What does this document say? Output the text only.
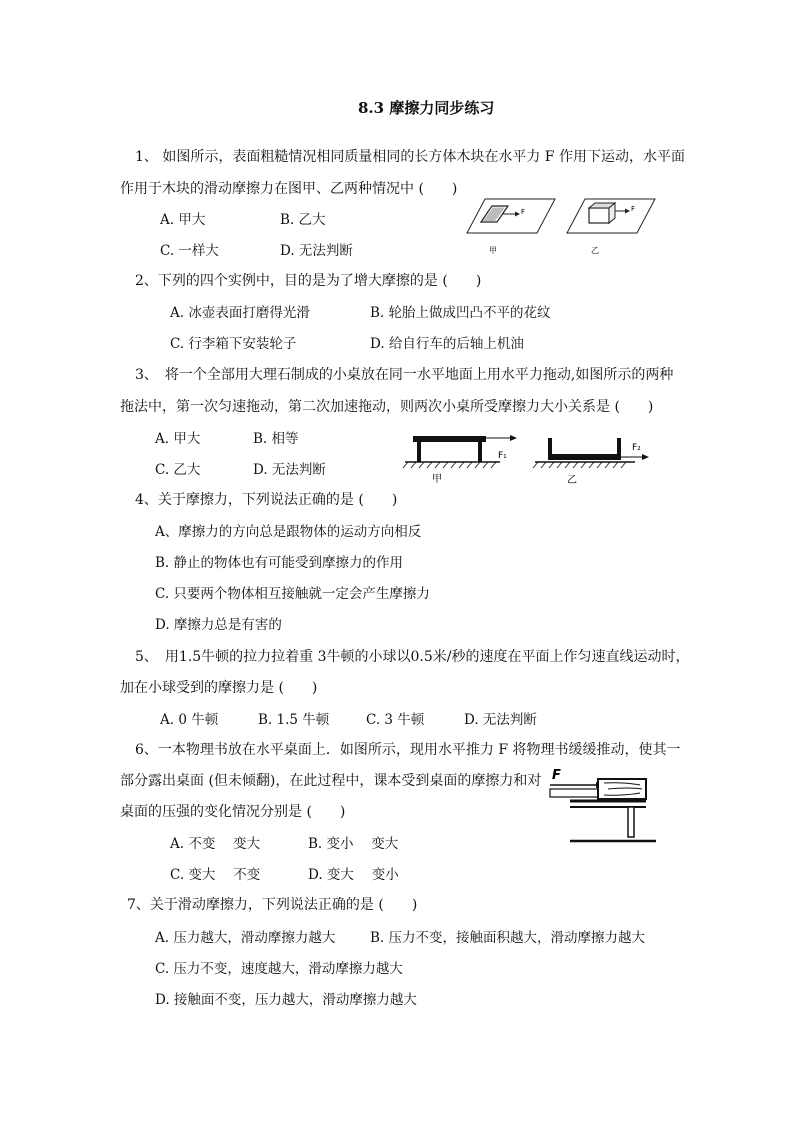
8.3 摩擦力同步练习
1、 如图所示，表面粗糙情况相同质量相同的长方体木块在水平力 F 作用下运动，水平面
作用于木块的滑动摩擦力在图甲、乙两种情况中 (　　)
A. 甲大	B. 乙大
C. 一样大	D. 无法判断
F
甲
F
乙
2、下列的四个实例中，目的是为了增大摩擦的是 (　　)
A. 冰壶表面打磨得光滑	B. 轮胎上做成凹凸不平的花纹
C. 行李箱下安装轮子	D. 给自行车的后轴上机油
3、　将一个全部用大理石制成的小桌放在同一水平地面上用水平力拖动,如图所示的两种
拖法中，第一次匀速拖动，第二次加速拖动，则两次小桌所受摩擦力大小关系是 (　　)
A. 甲大	B. 相等
C. 乙大	D. 无法判断
F₁
甲
F₂
乙
4、关于摩擦力，下列说法正确的是 (　　)
A、摩擦力的方向总是跟物体的运动方向相反
B. 静止的物体也有可能受到摩擦力的作用
C. 只要两个物体相互接触就一定会产生摩擦力
D. 摩擦力总是有害的
5、　用1.5牛顿的拉力拉着重 3牛顿的小球以0.5米/秒的速度在平面上作匀速直线运动时，
加在小球受到的摩擦力是 (　　)
A. 0 牛顿	B. 1.5 牛顿	C. 3 牛顿	D. 无法判断
6、一本物理书放在水平桌面上．如图所示，现用水平推力 F 将物理书缓缓推动，使其一
部分露出桌面 (但未倾翻)，在此过程中，课本受到桌面的摩擦力和对
桌面的压强的变化情况分别是 (　　)
A. 不变　 变大	B. 变小　 变大
C. 变大　 不变	D. 变大　 变小
F
7、关于滑动摩擦力，下列说法正确的是 (　　)
A. 压力越大，滑动摩擦力越大	B. 压力不变，接触面积越大，滑动摩擦力越大
C. 压力不变，速度越大，滑动摩擦力越大
D. 接触面不变，压力越大，滑动摩擦力越大
